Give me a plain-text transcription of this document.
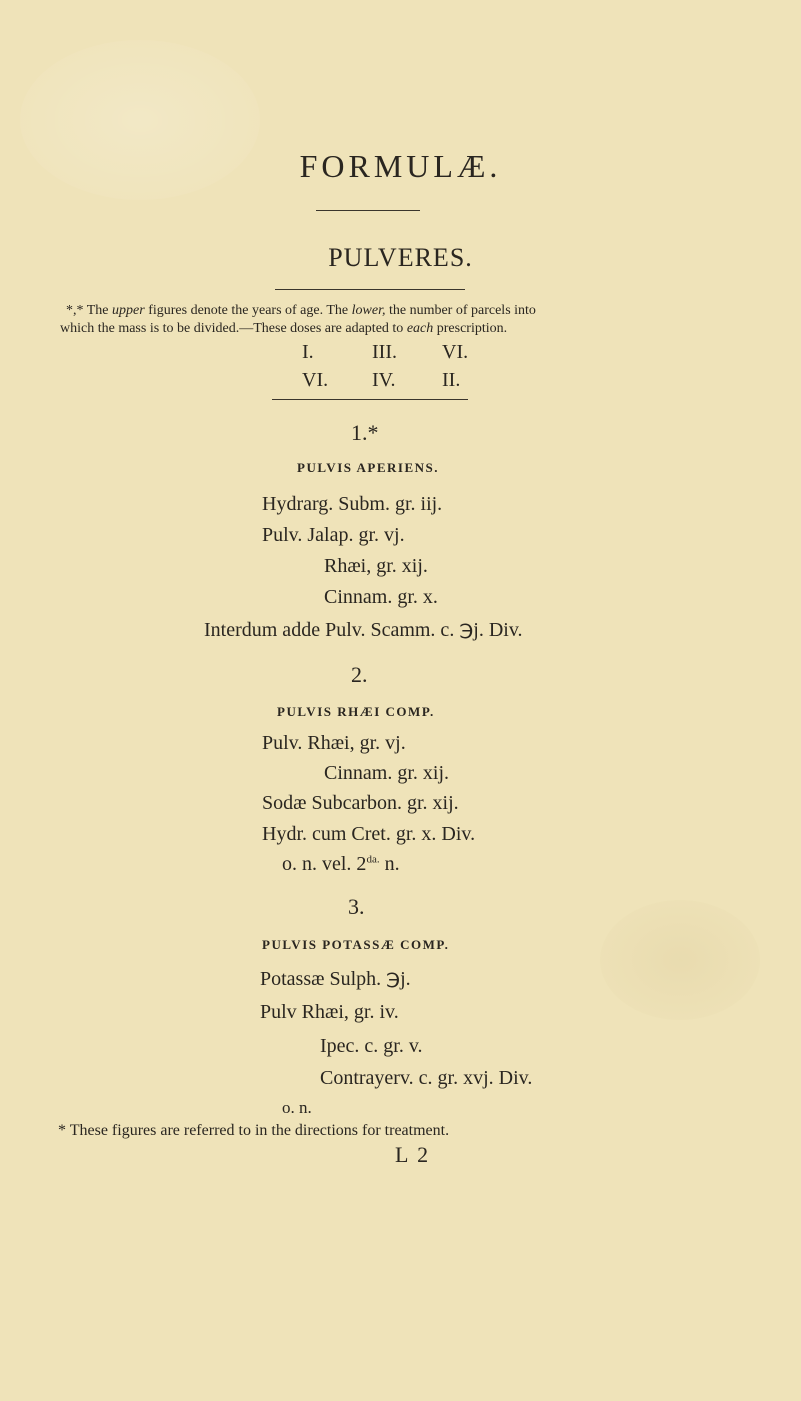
FORMULÆ.
PULVERES.
*,* The upper figures denote the years of age. The lower, the number of parcels into
which the mass is to be divided.—These doses are adapted to each prescription.
I.	III. VI.
VI. IV. II.
1.*
PULVIS APERIENS.
Hydrarg. Subm. gr. iij.
Pulv. Jalap. gr. vj.
Rhæi, gr. xij.
Cinnam. gr. x.
Interdum adde Pulv. Scamm. c. ℈j. Div.
2.
PULVIS RHÆI COMP.
Pulv. Rhæi, gr. vj.
Cinnam. gr. xij.
Sodæ Subcarbon. gr. xij.
Hydr. cum Cret. gr. x. Div.
o. n. vel. $2^{da.}$ n.
3.
PULVIS POTASSÆ COMP.
Potassæ Sulph. ℈j.
Pulv Rhæi, gr. iv.
Ipec. c. gr. v.
Contrayerv. c. gr. xvj. Div.
o. n.
* These figures are referred to in the directions for treatment.
L 2
